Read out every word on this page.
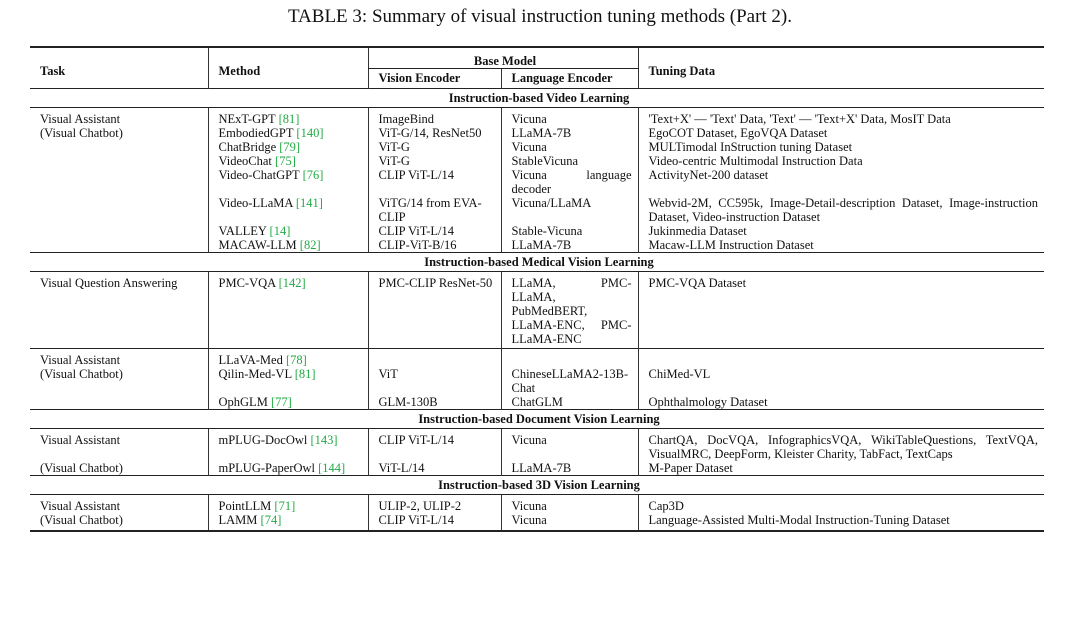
TABLE 3: Summary of visual instruction tuning methods (Part 2).
Task	Method	Base Model		Tuning Data
		Vision Encoder	Language Encoder	
Instruction-based Video Learning				
Visual Assistant	NExT-GPT [81]	ImageBind	Vicuna	'Text+X' — 'Text' Data, 'Text' — 'Text+X' Data, MosIT Data
(Visual Chatbot)	EmbodiedGPT [140]	ViT-G/14, ResNet50	LLaMA-7B	EgoCOT Dataset, EgoVQA Dataset
	ChatBridge [79]	ViT-G	Vicuna	MULTimodal InStruction tuning Dataset
	VideoChat [75]	ViT-G	StableVicuna	Video-centric Multimodal Instruction Data
	Video-ChatGPT [76]	CLIP ViT-L/14	Vicuna language decoder	ActivityNet-200 dataset
	Video-LLaMA [141]	ViTG/14 from EVA-CLIP	Vicuna/LLaMA	Webvid-2M, CC595k, Image-Detail-description Dataset, Image-instruction Dataset, Video-instruction Dataset
	VALLEY [14]	CLIP ViT-L/14	Stable-Vicuna	Jukinmedia Dataset
	MACAW-LLM [82]	CLIP-ViT-B/16	LLaMA-7B	Macaw-LLM Instruction Dataset
Instruction-based Medical Vision Learning				
Visual Question Answering	PMC-VQA [142]	PMC-CLIP ResNet-50	LLaMA, PMC-LLaMA, PubMedBERT, LLaMA-ENC, PMC-LLaMA-ENC	PMC-VQA Dataset
Visual Assistant	LLaVA-Med [78]			
(Visual Chatbot)	Qilin-Med-VL [81]	ViT	ChineseLLaMA2-13B-Chat	ChiMed-VL
	OphGLM [77]	GLM-130B	ChatGLM	Ophthalmology Dataset
Instruction-based Document Vision Learning				
Visual Assistant	mPLUG-DocOwl [143]	CLIP ViT-L/14	Vicuna	ChartQA, DocVQA, InfographicsVQA, WikiTableQuestions, TextVQA, VisualMRC, DeepForm, Kleister Charity, TabFact, TextCaps
(Visual Chatbot)	mPLUG-PaperOwl [144]	ViT-L/14	LLaMA-7B	M-Paper Dataset
Instruction-based 3D Vision Learning				
Visual Assistant	PointLLM [71]	ULIP-2, ULIP-2	Vicuna	Cap3D
(Visual Chatbot)	LAMM [74]	CLIP ViT-L/14	Vicuna	Language-Assisted Multi-Modal Instruction-Tuning Dataset
